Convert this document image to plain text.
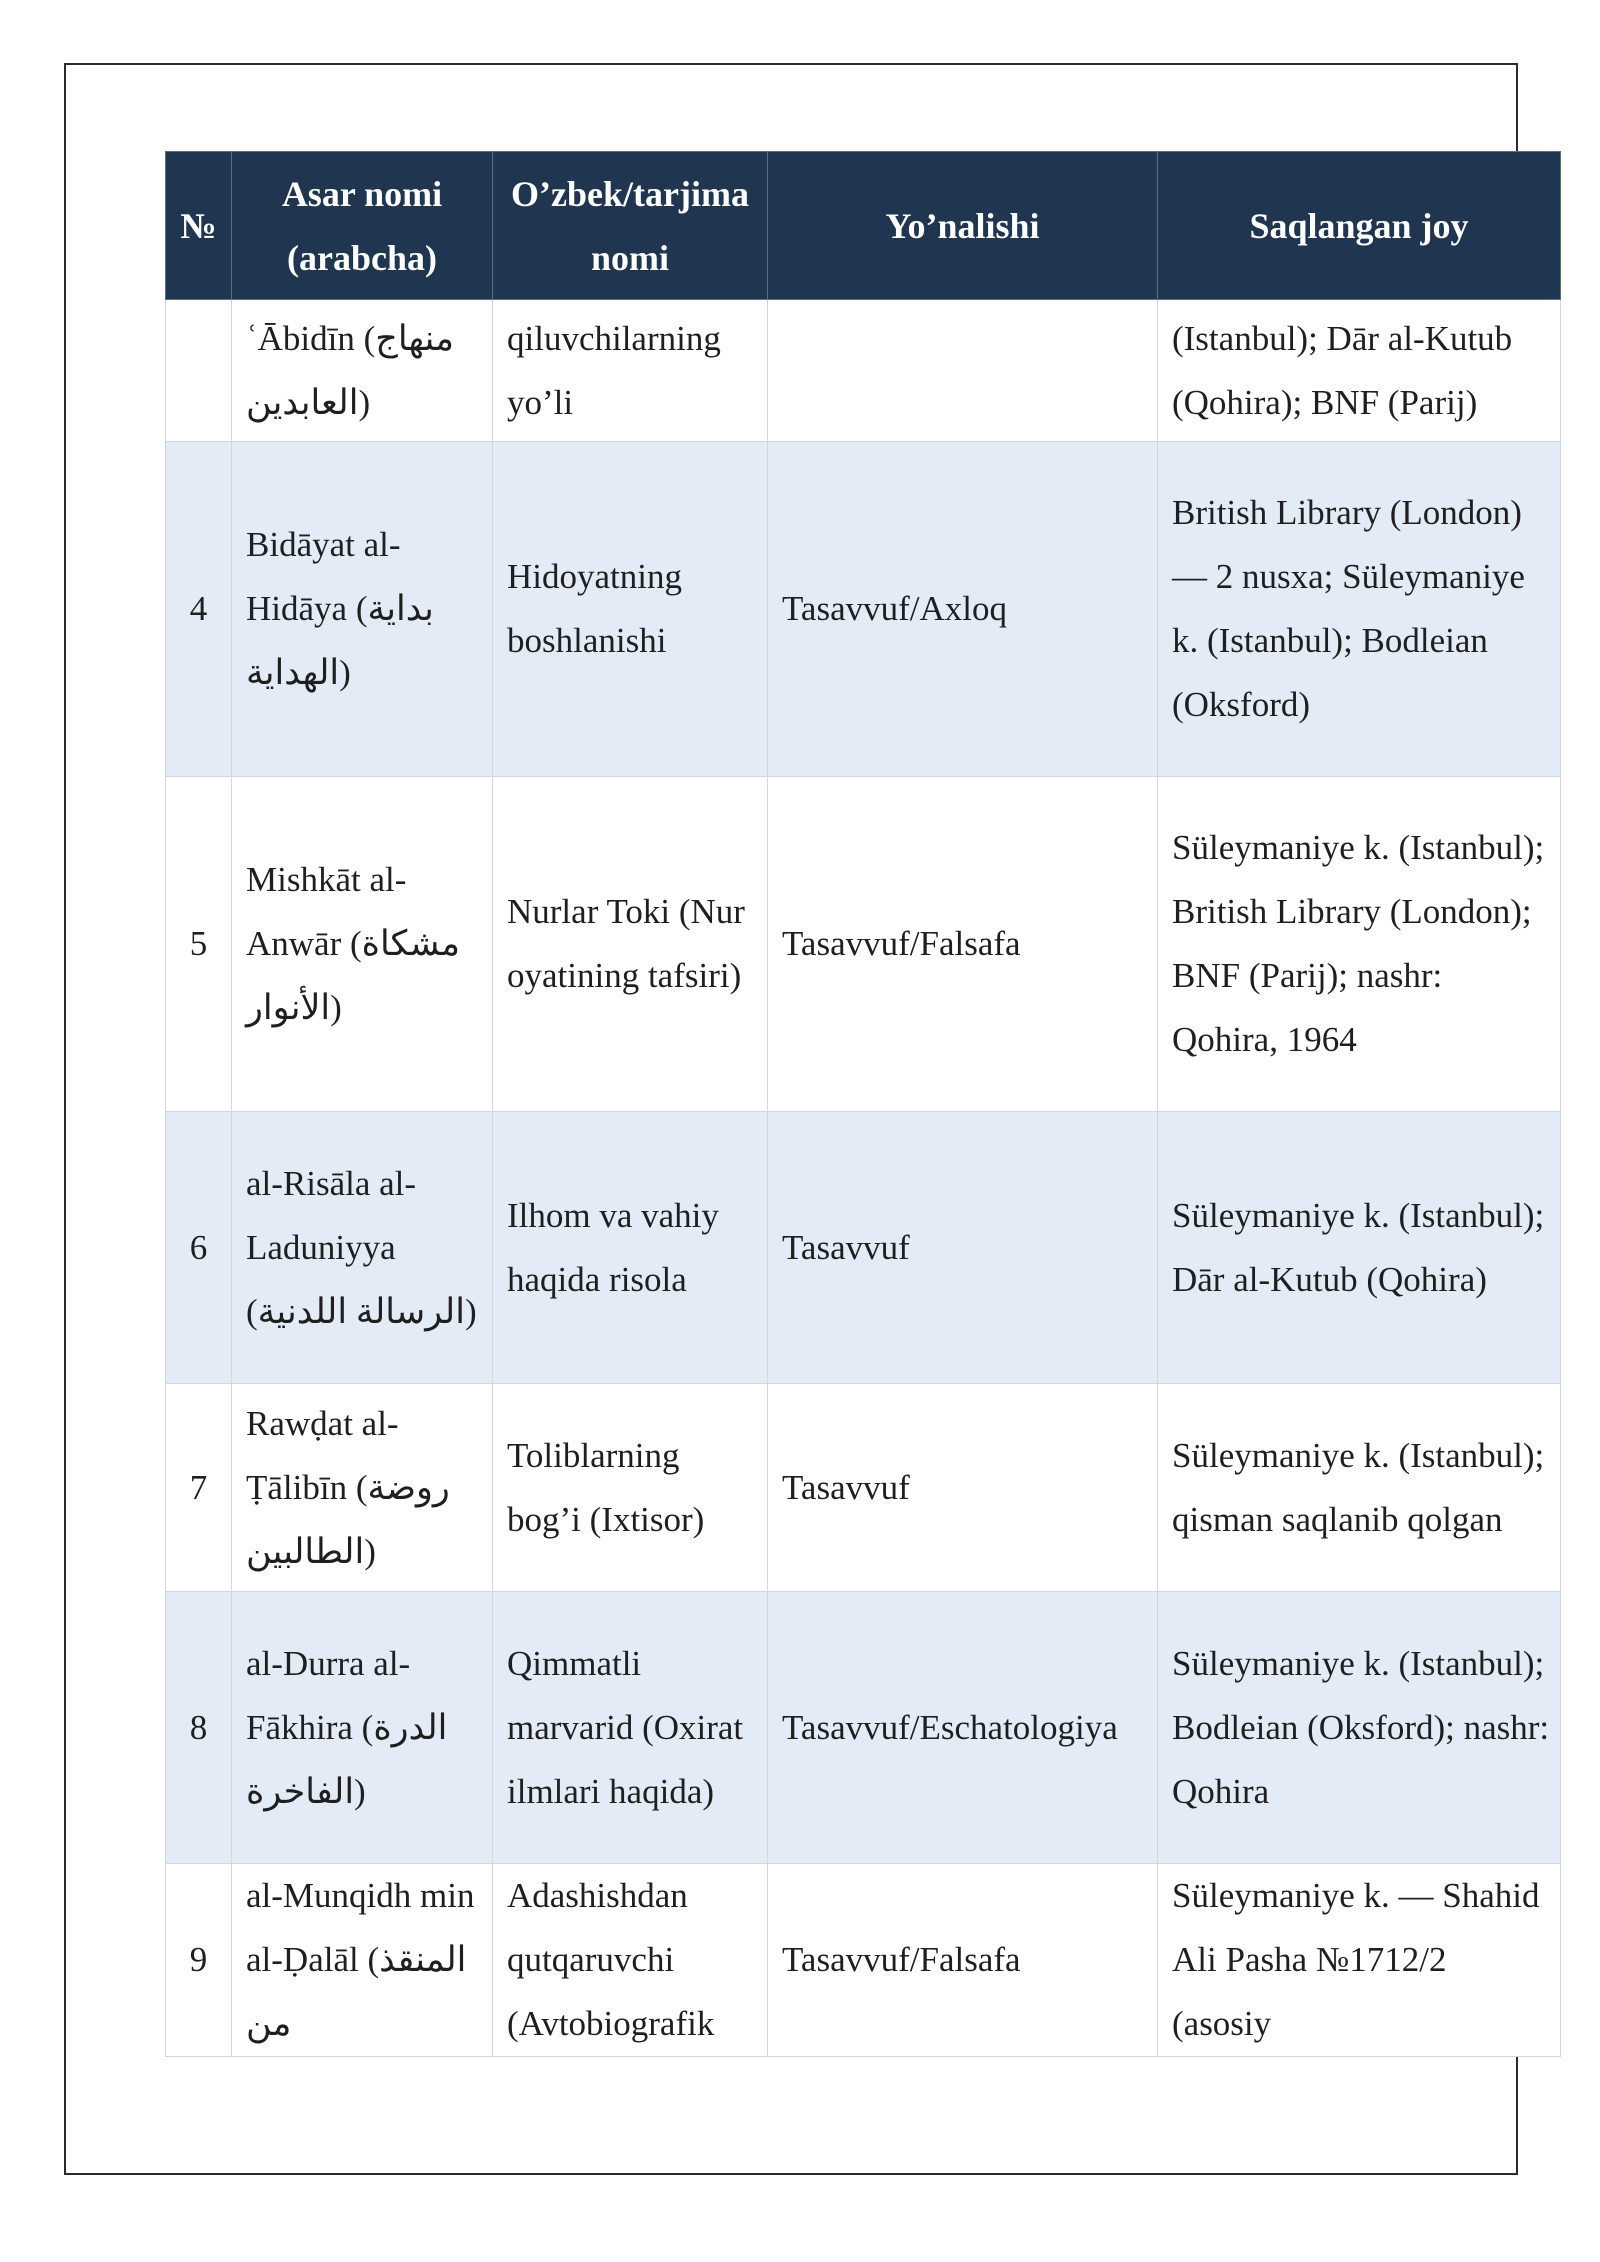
№	Asar nomi (arabcha)	O’zbek/tarjima nomi	Yo’nalishi	Saqlangan joy
	ʿĀbidīn (منهاج العابدين)	qiluvchilarning yo’li		(Istanbul); Dār al-Kutub (Qohira); BNF (Parij)
4	Bidāyat al-Hidāya (بداية الهداية)	Hidoyatning boshlanishi	Tasavvuf/Axloq	British Library (London) — 2 nusxa; Süleymaniye k. (Istanbul); Bodleian (Oksford)
5	Mishkāt al-Anwār (مشكاة الأنوار)	Nurlar Toki (Nur oyatining tafsiri)	Tasavvuf/Falsafa	Süleymaniye k. (Istanbul); British Library (London); BNF (Parij); nashr: Qohira, 1964
6	al-Risāla al-Laduniyya (الرسالة اللدنية)	Ilhom va vahiy haqida risola	Tasavvuf	Süleymaniye k. (Istanbul); Dār al-Kutub (Qohira)
7	Rawḍat al-Ṭālibīn (روضة الطالبين)	Toliblarning bog’i (Ixtisor)	Tasavvuf	Süleymaniye k. (Istanbul); qisman saqlanib qolgan
8	al-Durra al-Fākhira (الدرة الفاخرة)	Qimmatli marvarid (Oxirat ilmlari haqida)	Tasavvuf/Eschatologiya	Süleymaniye k. (Istanbul); Bodleian (Oksford); nashr: Qohira
9	al-Munqidh min al-Ḍalāl (المنقذ من	Adashishdan qutqaruvchi (Avtobiografik	Tasavvuf/Falsafa	Süleymaniye k. — Shahid Ali Pasha №1712/2 (asosiy
